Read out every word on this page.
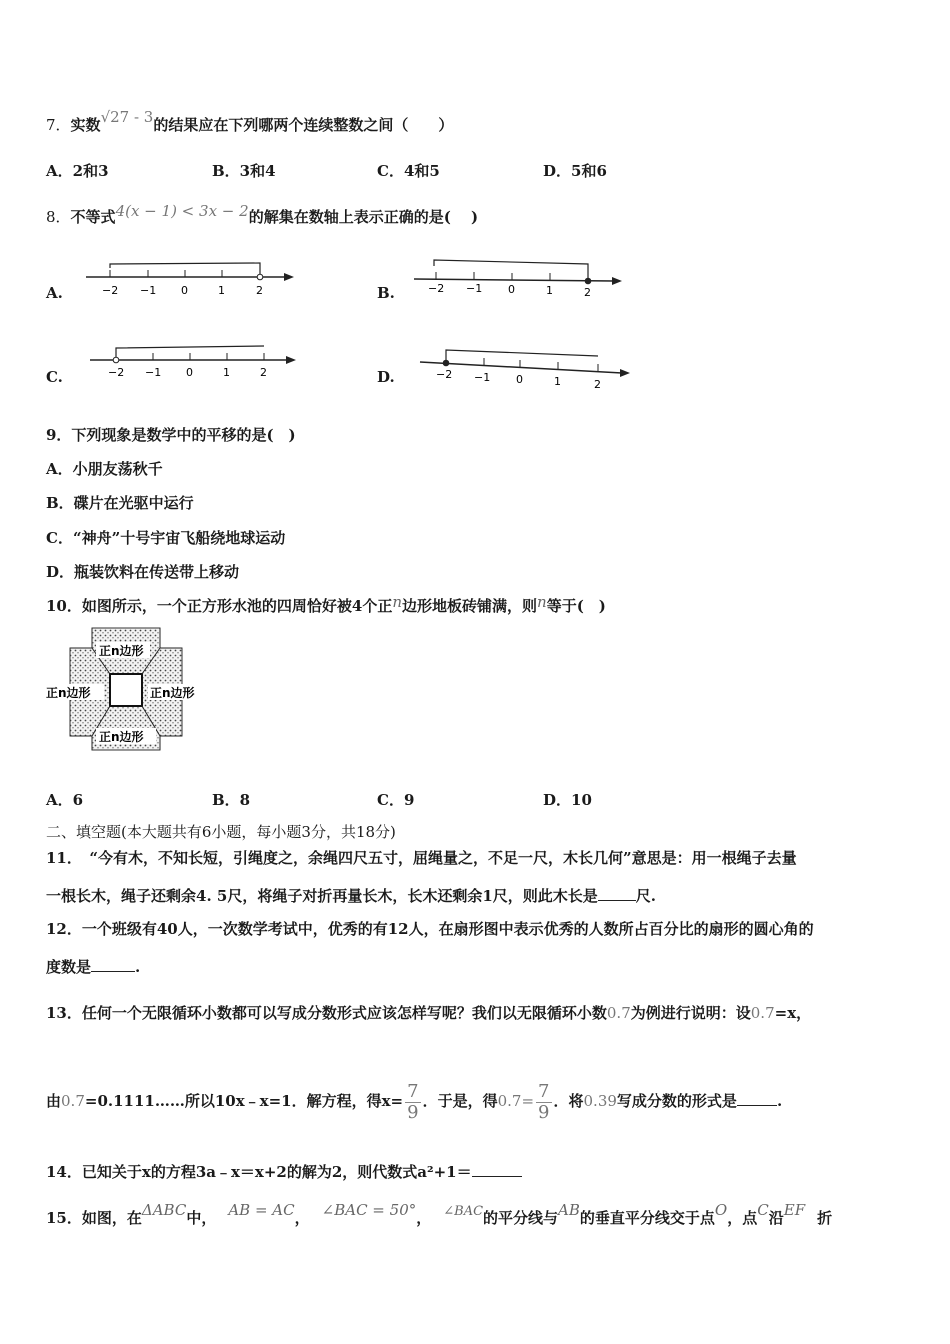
7．实数√27 - 3的结果应在下列哪两个连续整数之间（　　）
A．2和3	B．3和4	C．4和5	D．5和6
8．不等式4(x − 1) < 3x − 2的解集在数轴上表示正确的是(　 )
A.	−2 −1 0	1	2	B.	−2 −1 0	1	2
C.	−2 −1 0	1	2	D.	−2 −1 0	1	2
9．下列现象是数学中的平移的是(　)
A．小朋友荡秋千
B．碟片在光驱中运行
C．“神舟”十号宇宙飞船绕地球运动
D．瓶装饮料在传送带上移动
10．如图所示，一个正方形水池的四周恰好被4个正n边形地板砖铺满，则n等于(　)
正n边形
正n边形	正n边形
正n边形
A．6	B．8	C．9	D．10
二、填空题(本大题共有6小题，每小题3分，共18分)
11．　“今有木，不知长短，引绳度之，余绳四尺五寸，屈绳量之，不足一尺，木长几何”意思是：用一根绳子去量
一根长木，绳子还剩余4. 5尺，将绳子对折再量长木，长木还剩余1尺，则此木长是	尺.
12．一个班级有40人，一次数学考试中，优秀的有12人，在扇形图中表示优秀的人数所占百分比的扇形的圆心角的
度数是	.
13．任何一个无限循环小数都可以写成分数形式应该怎样写呢？我们以无限循环小数0.7为例进行说明：设0.7=x，
由0.7=0.1111……所以10x﹣x=1．解方程，得$x= \frac{7}{9}$ ．于是，得$0.7= \frac{7}{9}$ ．将0.39写成分数的形式是	.
14．已知关于x的方程3a﹣x＝x+2的解为2，则代数式a²+1＝
15．如图，在ΔABC中， AB = AC， ∠BAC = 50°， ∠BAC的平分线与AB的垂直平分线交于点O，点C沿EF 折
